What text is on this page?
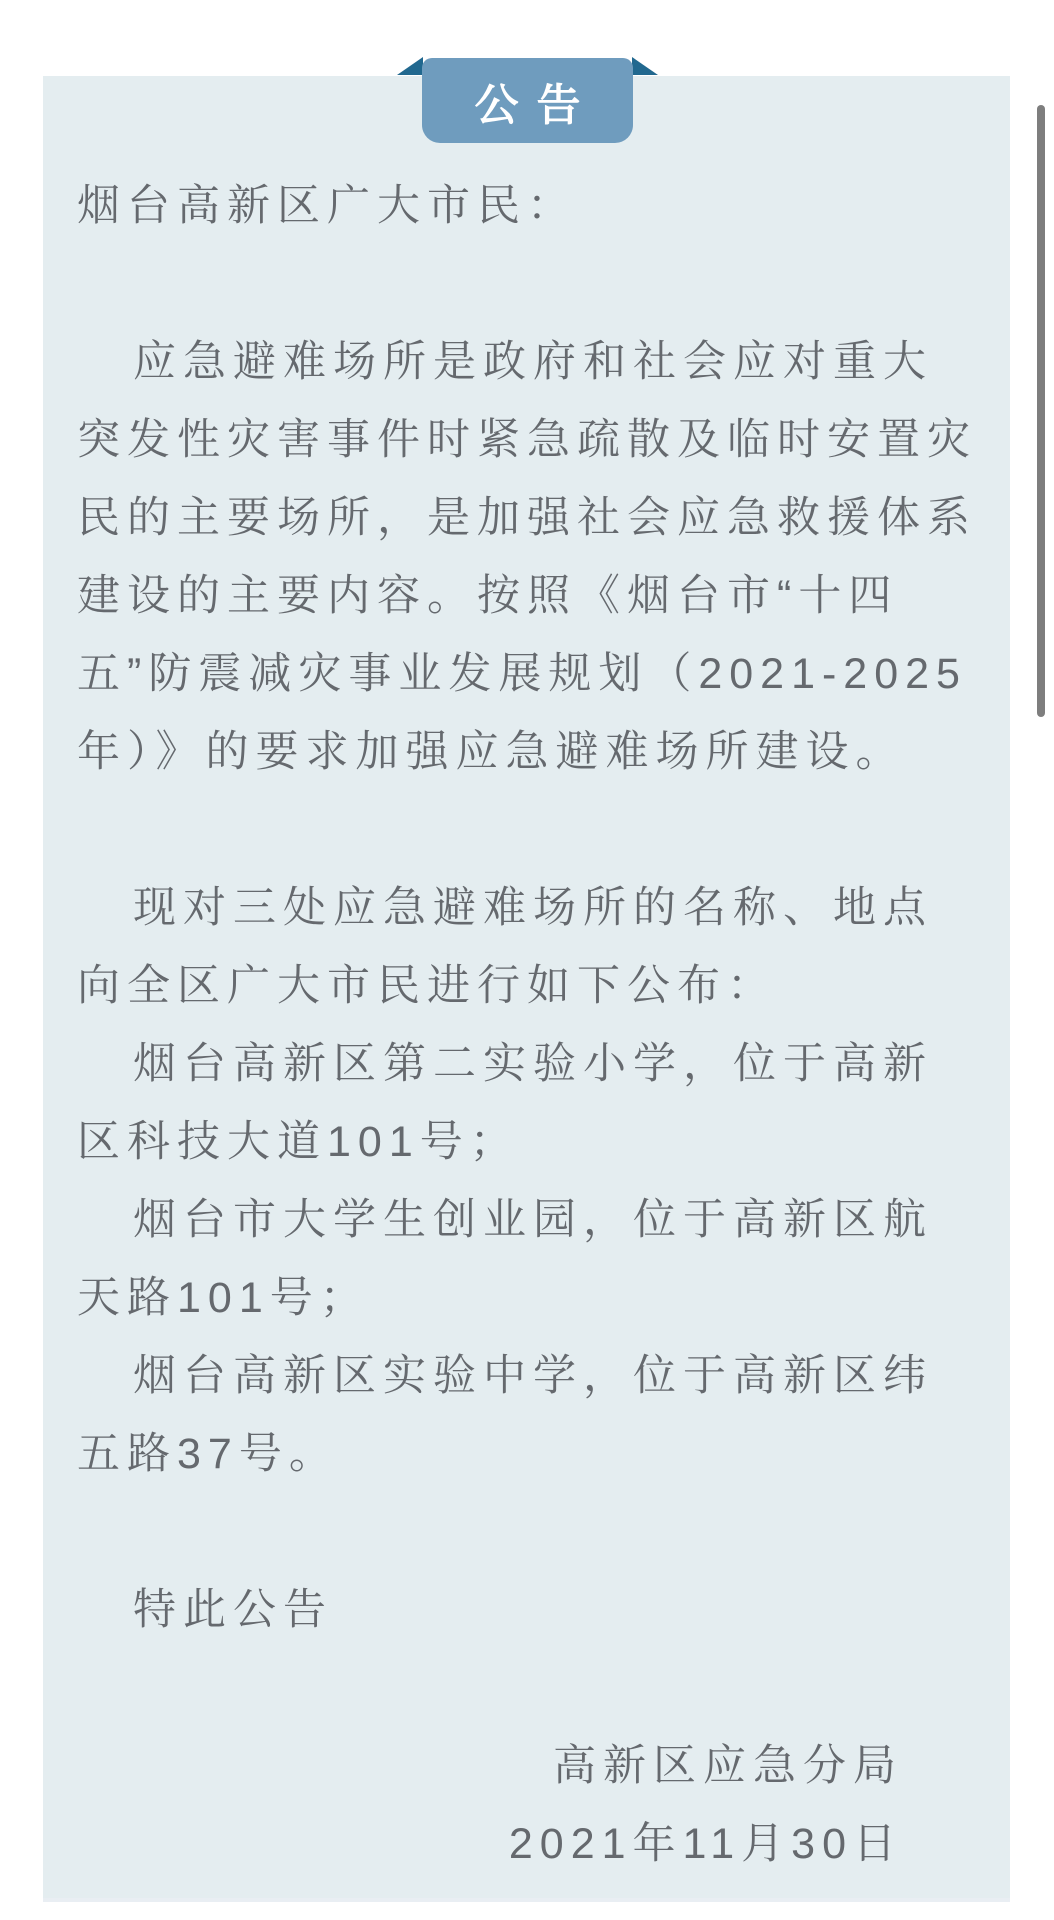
公告
烟台高新区广大市民：
应急避难场所是政府和社会应对重大
突发性灾害事件时紧急疏散及临时安置灾
民的主要场所，是加强社会应急救援体系
建设的主要内容。按照《烟台市“十四
五”防震减灾事业发展规划（2021-2025
年）》的要求加强应急避难场所建设。
现对三处应急避难场所的名称、地点
向全区广大市民进行如下公布：
烟台高新区第二实验小学，位于高新
区科技大道101号；
烟台市大学生创业园，位于高新区航
天路101号；
烟台高新区实验中学，位于高新区纬
五路37号。
特此公告
高新区应急分局
2021年11月30日
